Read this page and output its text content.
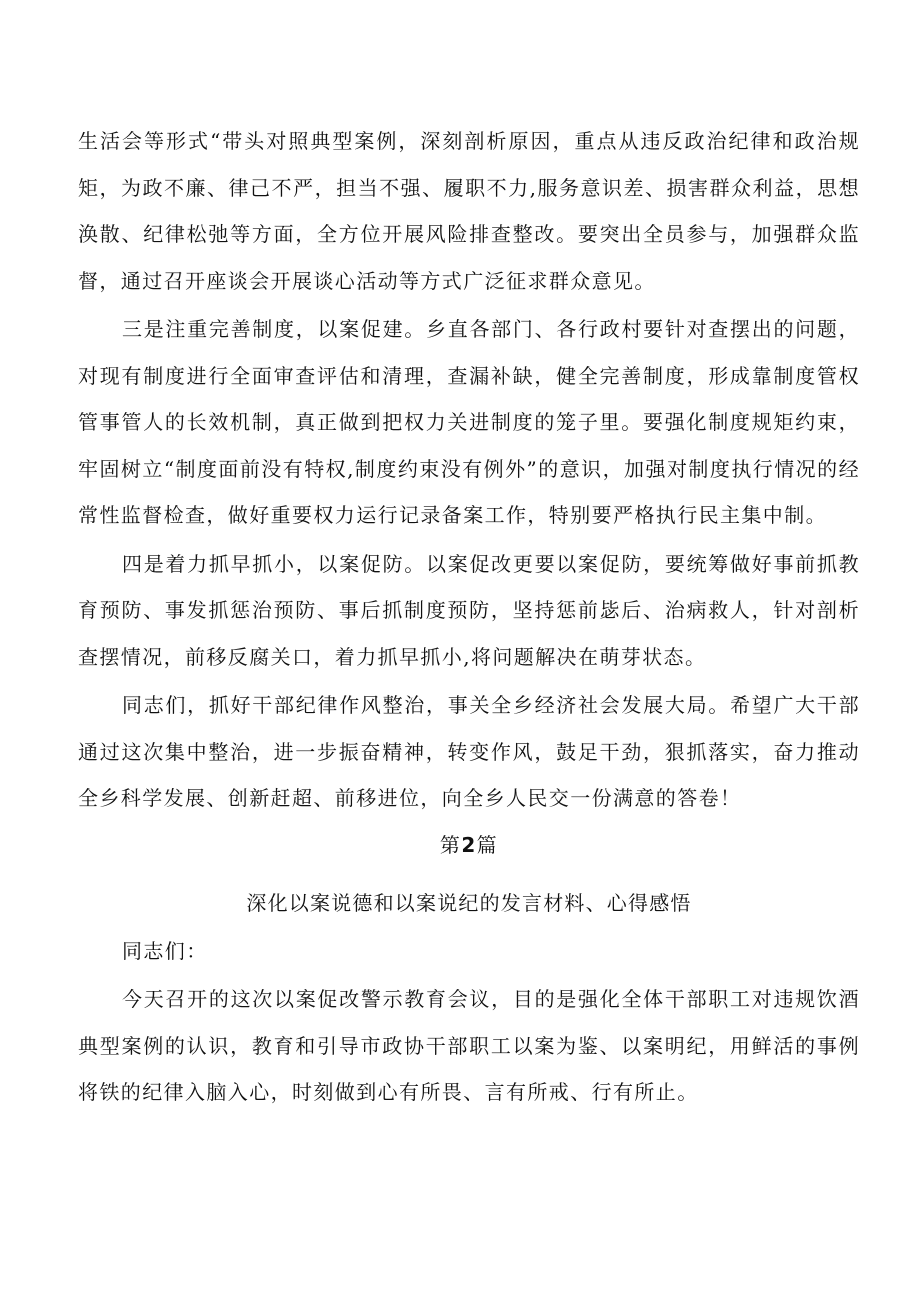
生活会等形式“带头对照典型案例，深刻剖析原因，重点从违反政治纪律和政治规矩，为政不廉、律己不严，担当不强、履职不力,服务意识差、损害群众利益，思想涣散、纪律松弛等方面，全方位开展风险排查整改。要突出全员参与，加强群众监督，通过召开座谈会开展谈心活动等方式广泛征求群众意见。

三是注重完善制度，以案促建。乡直各部门、各行政村要针对查摆出的问题，对现有制度进行全面审查评估和清理，查漏补缺，健全完善制度，形成靠制度管权管事管人的长效机制，真正做到把权力关进制度的笼子里。要强化制度规矩约束，牢固树立“制度面前没有特权,制度约束没有例外”的意识，加强对制度执行情况的经常性监督检查，做好重要权力运行记录备案工作，特别要严格执行民主集中制。

四是着力抓早抓小，以案促防。以案促改更要以案促防，要统筹做好事前抓教育预防、事发抓惩治预防、事后抓制度预防，坚持惩前毖后、治病救人，针对剖析查摆情况，前移反腐关口，着力抓早抓小,将问题解决在萌芽状态。

同志们，抓好干部纪律作风整治，事关全乡经济社会发展大局。希望广大干部通过这次集中整治，进一步振奋精神，转变作风，鼓足干劲，狠抓落实，奋力推动全乡科学发展、创新赶超、前移进位，向全乡人民交一份满意的答卷！

第2篇
深化以案说德和以案说纪的发言材料、心得感悟

同志们：

今天召开的这次以案促改警示教育会议，目的是强化全体干部职工对违规饮酒典型案例的认识，教育和引导市政协干部职工以案为鉴、以案明纪，用鲜活的事例将铁的纪律入脑入心，时刻做到心有所畏、言有所戒、行有所止。
